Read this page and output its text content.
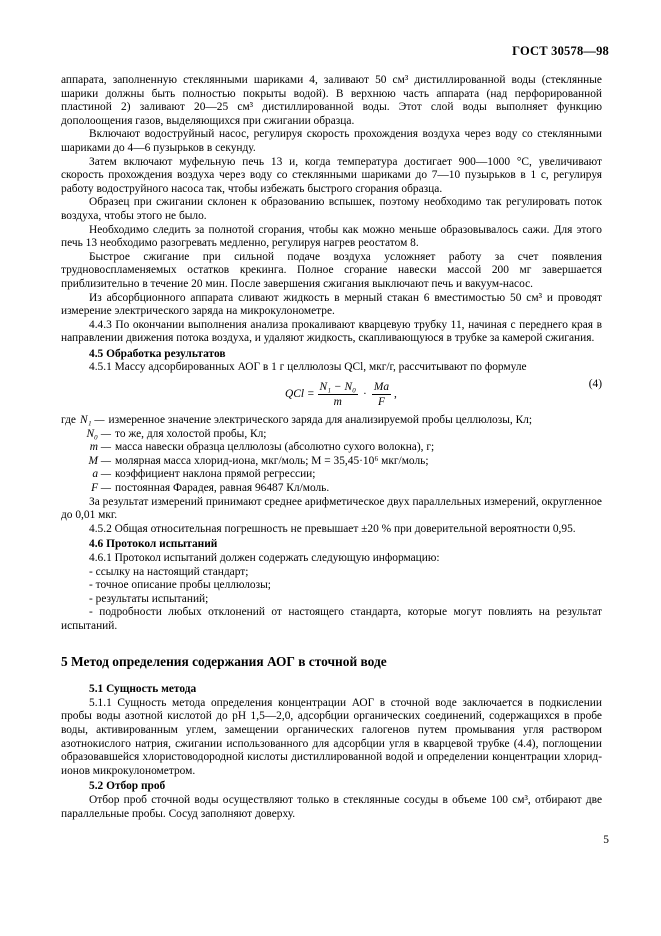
ГОСТ 30578—98

аппарата, заполненную стеклянными шариками 4, заливают 50 см³ дистиллированной воды (стеклянные шарики должны быть полностью покрыты водой). В верхнюю часть аппарата (над перфорированной пластиной 2) заливают 20—25 см³ дистиллированной воды. Этот слой воды выполняет функцию дополоощения газов, выделяющихся при сжигании образца.

Включают водоструйный насос, регулируя скорость прохождения воздуха через воду со стеклянными шариками до 4—6 пузырьков в секунду.

Затем включают муфельную печь 13 и, когда температура достигает 900—1000 °С, увеличивают скорость прохождения воздуха через воду со стеклянными шариками до 7—10 пузырьков в 1 с, регулируя работу водоструйного насоса так, чтобы избежать быстрого сгорания образца.

Образец при сжигании склонен к образованию вспышек, поэтому необходимо так регулировать поток воздуха, чтобы этого не было.

Необходимо следить за полнотой сгорания, чтобы как можно меньше образовывалось сажи. Для этого печь 13 необходимо разогревать медленно, регулируя нагрев реостатом 8.

Быстрое сжигание при сильной подаче воздуха усложняет работу за счет появления трудновоспламеняемых остатков крекинга. Полное сгорание навески массой 200 мг завершается приблизительно в течение 20 мин. После завершения сжигания выключают печь и вакуум-насос.

Из абсорбционного аппарата сливают жидкость в мерный стакан 6 вместимостью 50 см³ и проводят измерение электрического заряда на микрокулонометре.

4.4.3 По окончании выполнения анализа прокаливают кварцевую трубку 11, начиная с переднего края в направлении движения потока воздуха, и удаляют жидкость, скапливающуюся в трубке за камерой сжигания.

4.5 Обработка результатов

4.5.1 Массу адсорбированных АОГ в 1 г целлюлозы QCl, мкг/г, рассчитывают по формуле

QCl = $\frac{\text{N₁ − N₀}}{m} \cdot \frac{Ma}{F}$ ,
(4)
где N₁ — измеренное значение электрического заряда для анализируемой пробы целлюлозы, Кл;
N₀ — то же, для холостой пробы, Кл;
m — масса навески образца целлюлозы (абсолютно сухого волокна), г;
M — молярная масса хлорид-иона, мкг/моль; M = 35,45·10⁶ мкг/моль;
a — коэффициент наклона прямой регрессии;
F — постоянная Фарадея, равная 96487 Кл/моль.

За результат измерений принимают среднее арифметическое двух параллельных измерений, округленное до 0,01 мкг.

4.5.2 Общая относительная погрешность не превышает ±20 % при доверительной вероятности 0,95.

4.6 Протокол испытаний

4.6.1 Протокол испытаний должен содержать следующую информацию:

- ссылку на настоящий стандарт;

- точное описание пробы целлюлозы;

- результаты испытаний;

- подробности любых отклонений от настоящего стандарта, которые могут повлиять на результат испытаний.

5 Метод определения содержания АОГ в сточной воде

5.1 Сущность метода

5.1.1 Сущность метода определения концентрации АОГ в сточной воде заключается в подкислении пробы воды азотной кислотой до pH 1,5—2,0, адсорбции органических соединений, содержащихся в пробе воды, активированным углем, замещении органических галогенов путем промывания угля раствором азотнокислого натрия, сжигании использованного для адсорбции угля в кварцевой трубке (4.4), поглощении образовавшейся хлористоводородной кислоты дистиллированной водой и определении концентрации хлорид-ионов микрокулонометром.

5.2 Отбор проб

Отбор проб сточной воды осуществляют только в стеклянные сосуды в объеме 100 см³, отбирают две параллельные пробы. Сосуд заполняют доверху.

5
